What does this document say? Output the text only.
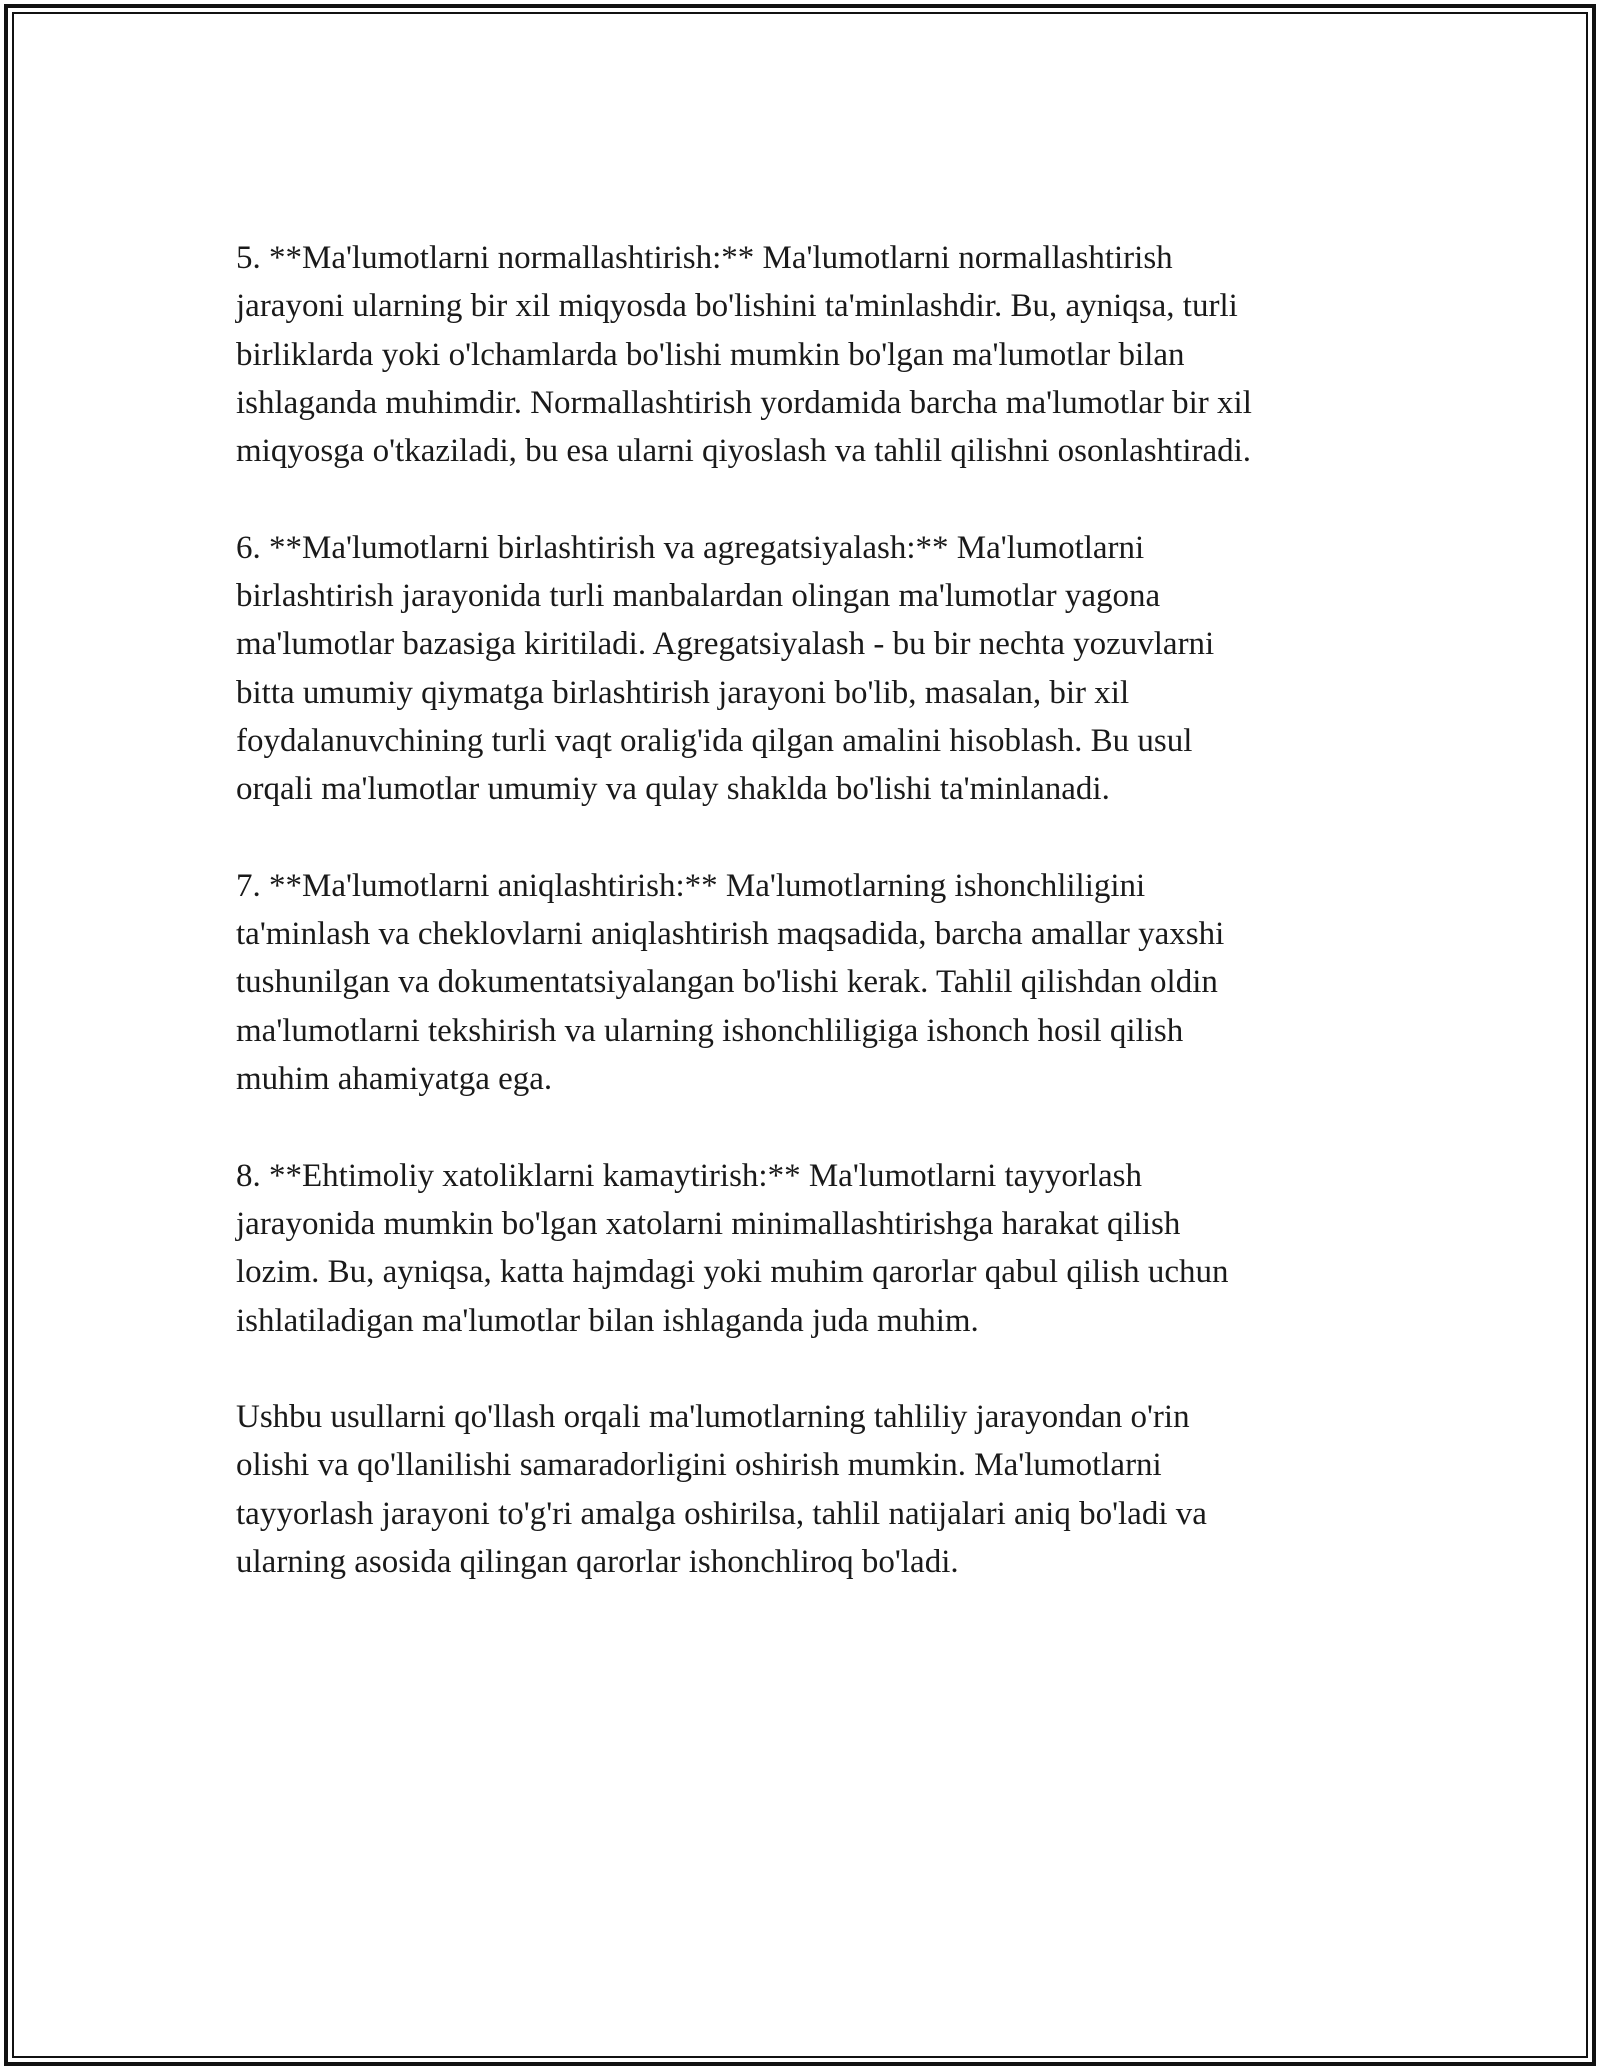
5. **Ma'lumotlarni normallashtirish:** Ma'lumotlarni normallashtirish
jarayoni ularning bir xil miqyosda bo'lishini ta'minlashdir. Bu, ayniqsa, turli
birliklarda yoki o'lchamlarda bo'lishi mumkin bo'lgan ma'lumotlar bilan
ishlaganda muhimdir. Normallashtirish yordamida barcha ma'lumotlar bir xil
miqyosga o'tkaziladi, bu esa ularni qiyoslash va tahlil qilishni osonlashtiradi.

6. **Ma'lumotlarni birlashtirish va agregatsiyalash:** Ma'lumotlarni
birlashtirish jarayonida turli manbalardan olingan ma'lumotlar yagona
ma'lumotlar bazasiga kiritiladi. Agregatsiyalash - bu bir nechta yozuvlarni
bitta umumiy qiymatga birlashtirish jarayoni bo'lib, masalan, bir xil
foydalanuvchining turli vaqt oralig'ida qilgan amalini hisoblash. Bu usul
orqali ma'lumotlar umumiy va qulay shaklda bo'lishi ta'minlanadi.

7. **Ma'lumotlarni aniqlashtirish:** Ma'lumotlarning ishonchliligini
ta'minlash va cheklovlarni aniqlashtirish maqsadida, barcha amallar yaxshi
tushunilgan va dokumentatsiyalangan bo'lishi kerak. Tahlil qilishdan oldin
ma'lumotlarni tekshirish va ularning ishonchliligiga ishonch hosil qilish
muhim ahamiyatga ega.

8. **Ehtimoliy xatoliklarni kamaytirish:** Ma'lumotlarni tayyorlash
jarayonida mumkin bo'lgan xatolarni minimallashtirishga harakat qilish
lozim. Bu, ayniqsa, katta hajmdagi yoki muhim qarorlar qabul qilish uchun
ishlatiladigan ma'lumotlar bilan ishlaganda juda muhim.

Ushbu usullarni qo'llash orqali ma'lumotlarning tahliliy jarayondan o'rin
olishi va qo'llanilishi samaradorligini oshirish mumkin. Ma'lumotlarni
tayyorlash jarayoni to'g'ri amalga oshirilsa, tahlil natijalari aniq bo'ladi va
ularning asosida qilingan qarorlar ishonchliroq bo'ladi.
